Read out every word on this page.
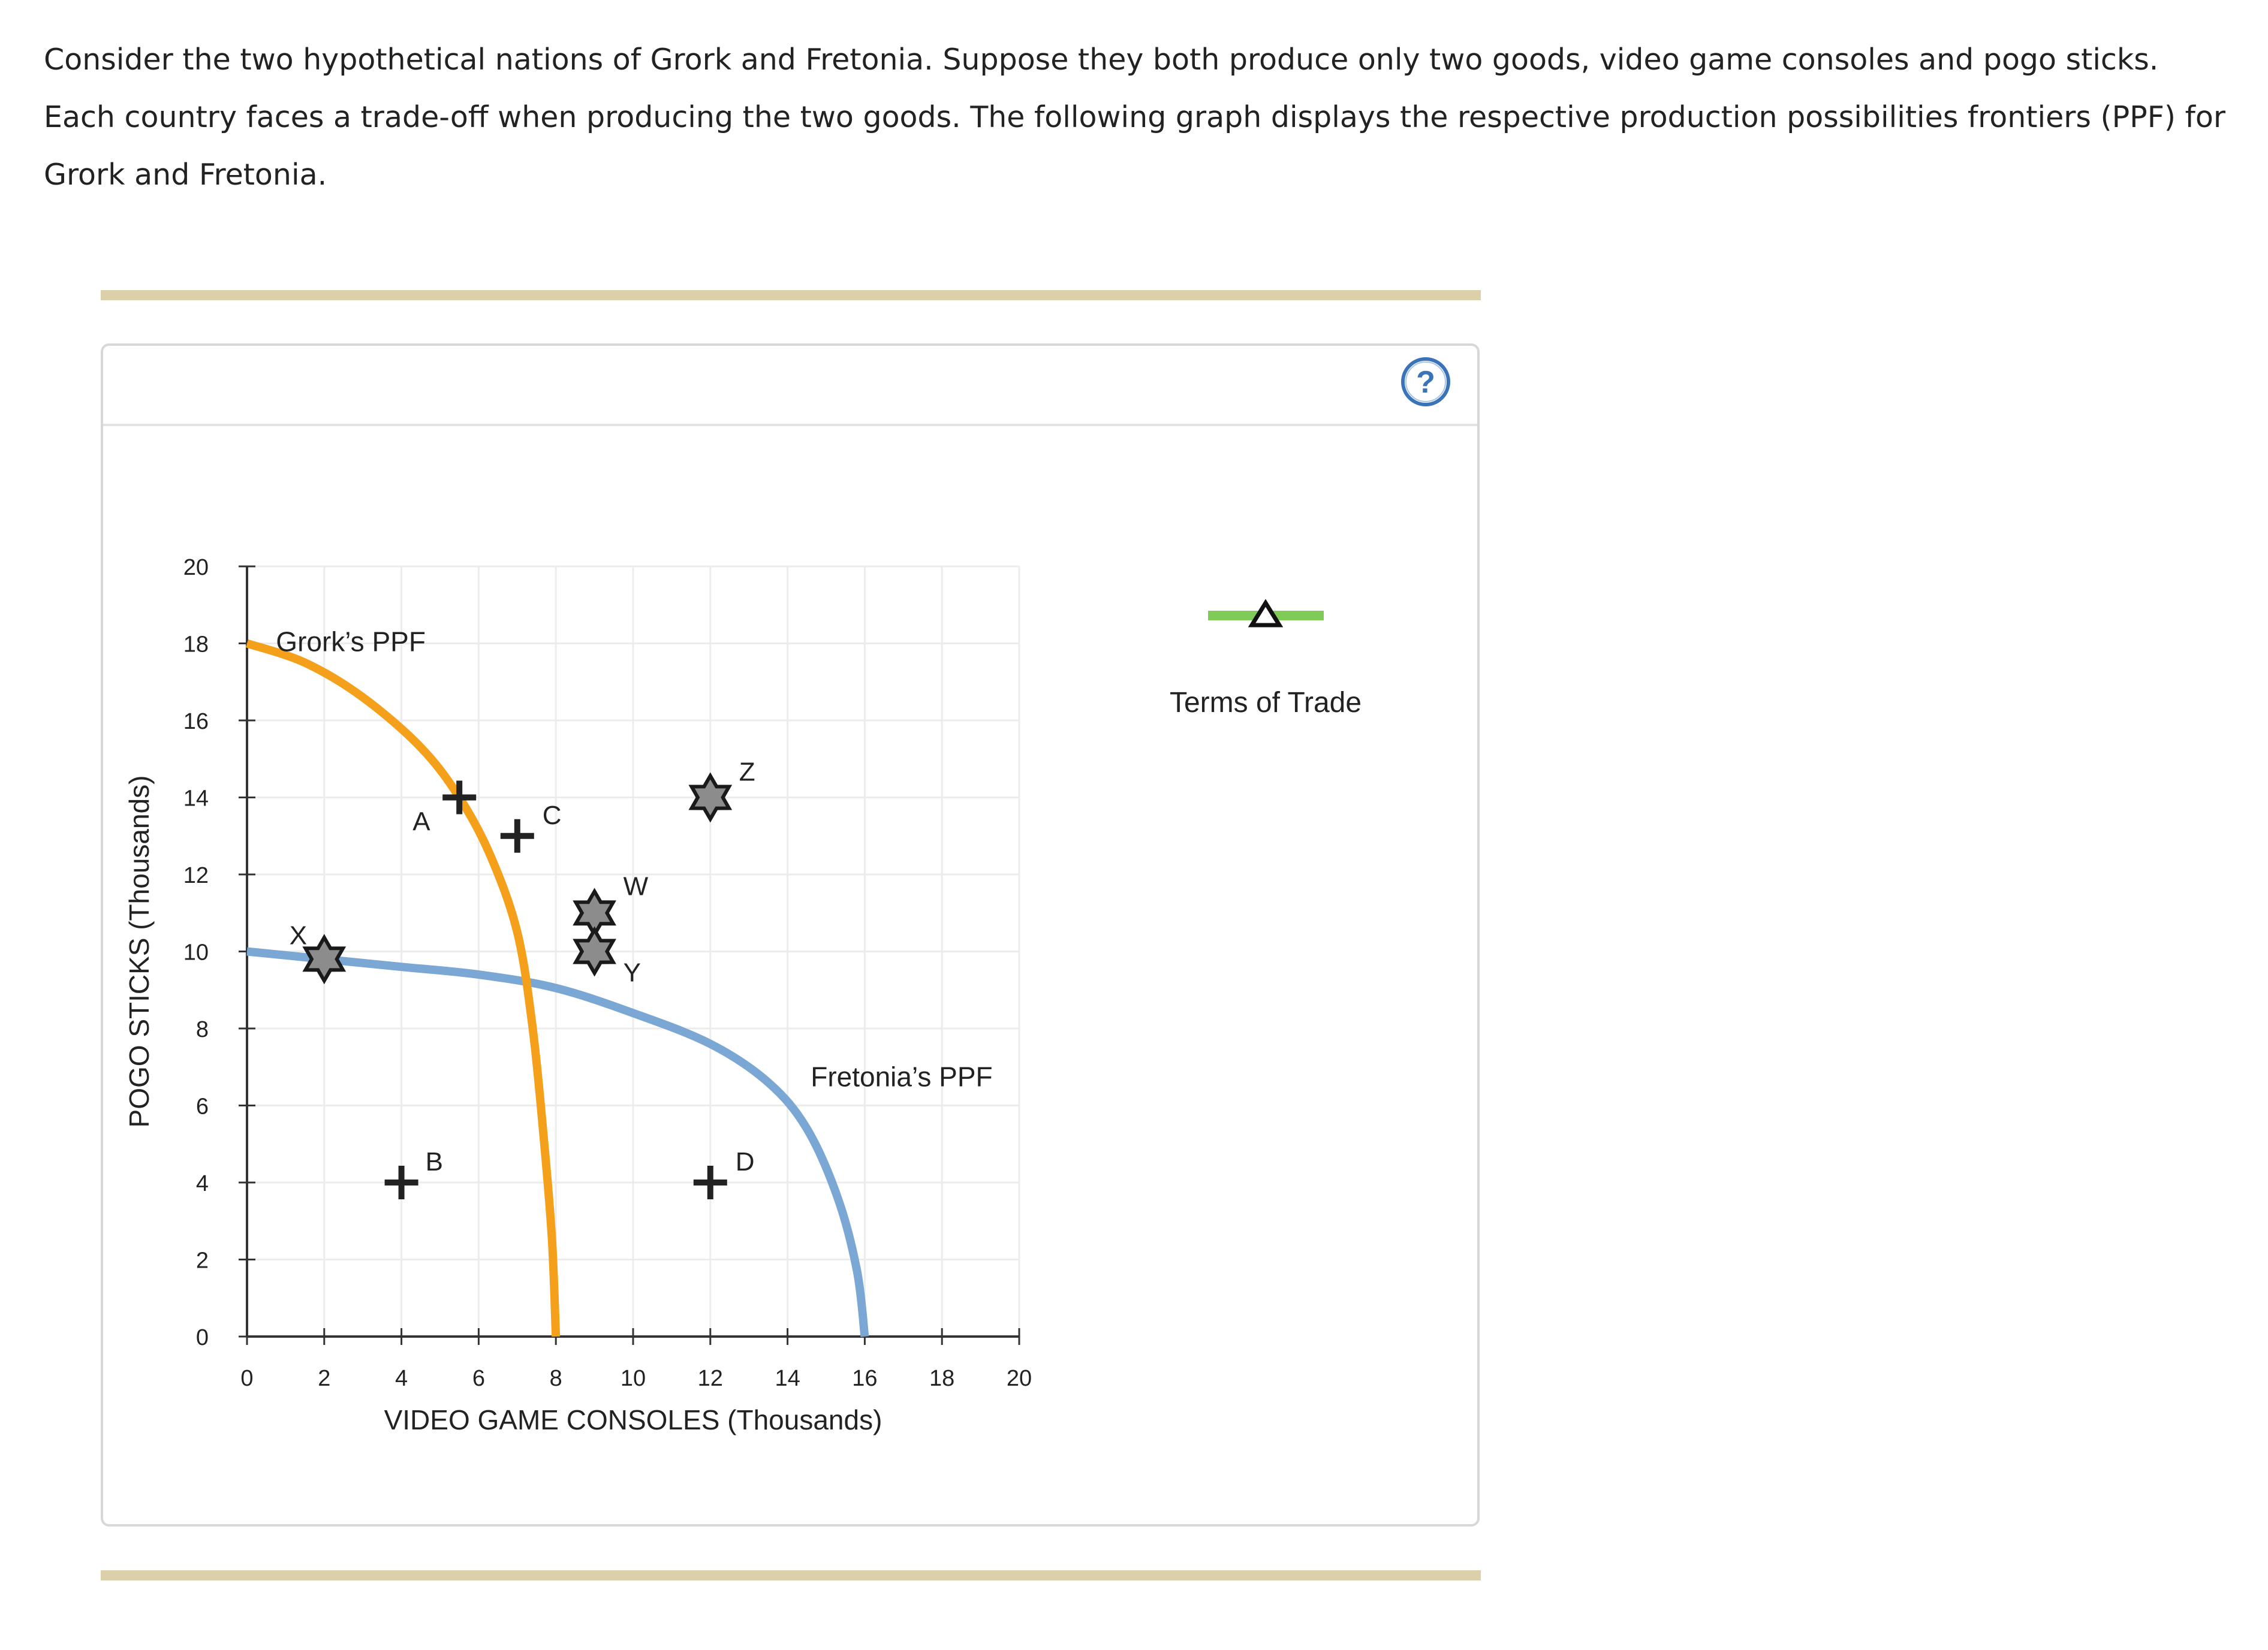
Consider the two hypothetical nations of Grork and Fretonia. Suppose they both produce only two goods, video game consoles and pogo sticks. Each country faces a trade-off when producing the two goods. The following graph displays the respective production possibilities frontiers (PPF) for Grork and Fretonia.
?
0	2	4	6	8	10 12 14 16 18 20
0
2
4
6
8
10
12
14
16
18
20
A
B
C
D
X
W
Y
Z
Grork’s PPF
Fretonia’s PPF
VIDEO GAME CONSOLES (Thousands)
POGO STICKS (Thousands)
Terms of Trade
